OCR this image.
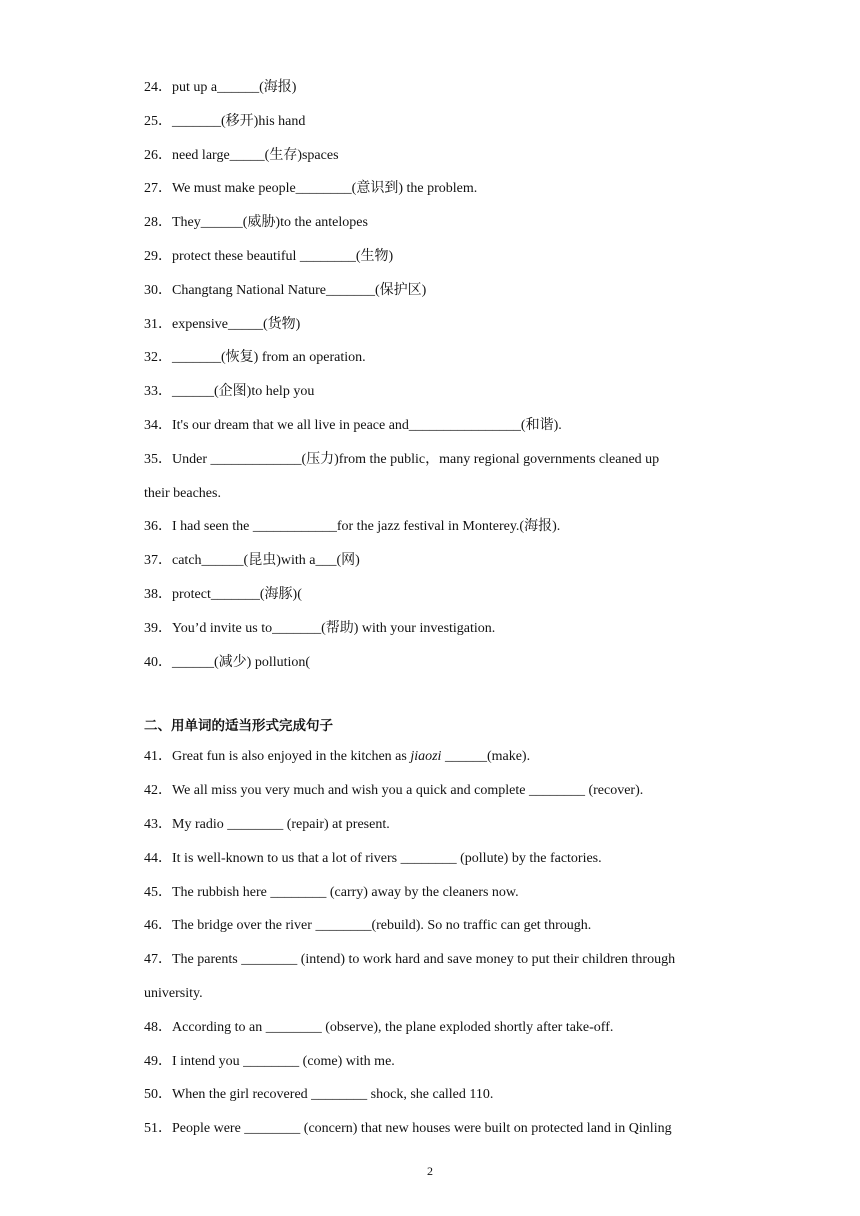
24．put up a______(海报)
25．_______(移开)his hand
26．need large_____(生存)spaces
27．We must make people________(意识到) the problem.
28．They______(威胁)to the antelopes
29．protect these beautiful ________(生物)
30．Changtang National Nature_______(保护区)
31．expensive_____(货物)
32．_______(恢复) from an operation.
33．______(企图)to help you
34．It's our dream that we all live in peace and________________(和谐).
35．Under _____________(压力)from the public，many regional governments cleaned up
their beaches.
36．I had seen the ____________for the jazz festival in Monterey.(海报).
37．catch______(昆虫)with a___(网)
38．protect_______(海豚)(
39．You’d invite us to_______(帮助) with your investigation.
40．______(减少) pollution(
二、用单词的适当形式完成句子
41．Great fun is also enjoyed in the kitchen as jiaozi ______(make).
42．We all miss you very much and wish you a quick and complete ________ (recover).
43．My radio ________ (repair) at present.
44．It is well-known to us that a lot of rivers ________ (pollute) by the factories.
45．The rubbish here ________ (carry) away by the cleaners now.
46．The bridge over the river ________(rebuild). So no traffic can get through.
47．The parents ________ (intend) to work hard and save money to put their children through
university.
48．According to an ________ (observe), the plane exploded shortly after take-off.
49．I intend you ________ (come) with me.
50．When the girl recovered ________ shock, she called 110.
51．People were ________ (concern) that new houses were built on protected land in Qinling
2
